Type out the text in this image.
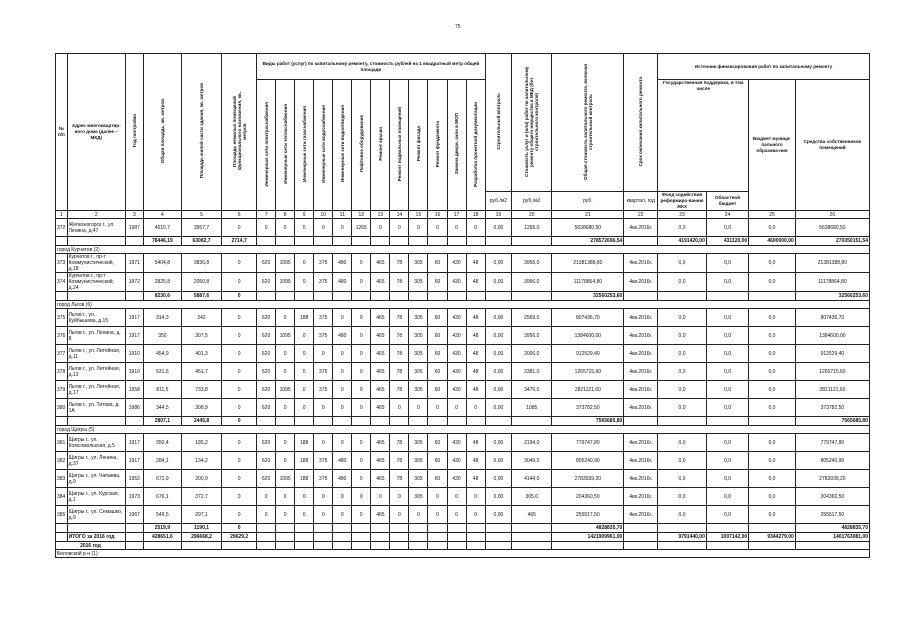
75
№ п/п	Адрес многоквартир-ного дома (далее – МКД)	Год постройки	Общая площадь, кв. метров	Площадь жилой части здания, кв. метров	Площадь нежилых помещений функционального назначения, кв. метров	Виды работ (услуг) по капитальному ремонту, стоимость рублей на 1 квадратный метр общей площади												Строительный контроль	Стоимость услуг и (или) работ по капитальному ремонту общего имущества в МКД (без строительного контроля)	Общая стоимость капитального ремонта, включая строительный контроль	Срок окончания капитального ремонта	Источник финансирования работ по капитальному ремонту			
						Инженерные сети электроснабжения	Инженерные сети теплоснабжения	Инженерные сети газоснабжения	Инженерные сети водоснабжения	Инженерные сети водоотведения	Лифтовое оборудование	Ремонт крыши	Ремонт подвальных помещений	Ремонт фасада	Ремонт фундамента	Замена двери, окон в МОП	Разработка проектной документации					Государственная поддержка, в том числе		Бюджет муници-пального образова-ния	Средства собственников помещений
																		руб./м2	руб./м2	руб.	квартал, год	Фонд содействия реформиро-ванию ЖКХ	Областной бюджет		
1	2	3	4	5	6	7	8	9	10	11	12	13	14	15	16	17	18	19	20	21	22	23	24	25	26
372	Железногорск г., ул. Ленина, д.47	1987	4515,7	3957,7	0	0	0	0	0	0	1265	0	0	0	0	0	0	0,00	1265,0	5638680,50	4кв.2016г.	0,0	0,0	0,0	5638680,50
			78446,19	63082,7	2714,7															278572696,54		4191420,00	431120,00	4600000,00	270350151,54
город Курчатов (2)																									
373	Курчатов г., пр-т Коммунистический, д.18	1971	5404,8	3836,8	0	620	1095	0	375	480	0	465	78	305	60	430	48	0,00	3956,0	21381388,80	4кв.2016г.	0,0	0,0	0,0	21381388,80
374	Курчатов г., пр-т Коммунистический, д.24	1972	2825,8	2050,8	0	620	1095	0	375	480	0	465	78	305	60	430	48	0,00	3956,0	11178864,80	4кв.2016г.	0,0	0,0	0,0	11178864,80
			8230,6	5887,6	0															32560253,60					32560253,60
город Льгов (6)																									
375	Льгов г., ул. Куйбышева, д.15	1917	314,3	242	0	620	0	188	375	0	0	465	78	305	60	430	48	0,00	2569,0	807436,70	4кв.2016г.	0,0	0,0	0,0	807436,70
376	Льгов г., ул. Ленина, д. 8	1917	350	307,5	0	620	1095	0	375	480	0	465	78	305	60	430	48	0,00	3956,0	1384600,00	4кв.2016г.	0,0	0,0	0,0	1384600,00
377	Льгов г., ул. Литейная, д.11	1910	454,9	401,3	0	620	0	0	0	0	0	465	78	305	60	430	48	0,00	2006,0	912529,40	4кв.2016г.	0,0	0,0	0,0	912529,40
378	Льгов г., ул. Литейная, д.13	1910	531,6	451,7	0	620	0	0	375	0	0	465	78	305	60	430	48	0,00	2381,0	1265715,60	4кв.2016г.	0,0	0,0	0,0	1265715,60
379	Льгов г., ул. Литейная, д.17	1958	811,5	733,8	0	620	1095	0	375	0	0	465	78	305	60	430	48	0,00	3476,0	2821121,60	4кв.2016г.	0,0	0,0	0,0	2821121,60
380	Льгов г., ул. Титова, д. 1А	1986	344,5	308,9	0	620	0	0	0	0	0	465	0	0	0	0	0	0,00	1085	373782,50	4кв.2016г.	0,0	0,0	0,0	373782,50
			2807,1	2445,8	0															7565685,80					7565685,80
город Щигры (5)																									
381	Щигры г., ул. Комсомольская, д.5	1917	350,4	185,2	0	620	0	188	0	0	0	465	78	305	60	430	48	0,00	2194,0	779747,80	4кв.2016г.	0,0	0,0	0,0	779747,80
382	Щигры г., ул. Ленина, д.37	1917	284,1	134,2	0	620	0	188	375	480	0	465	78	305	60	430	48	0,00	3049,0	805240,90	4кв.2016г.	0,0	0,0	0,0	805240,90
383	Щигры г., ул. Чапаева, д.9	1952	671,9	200,9	0	620	1095	188	375	480	0	465	78	305	60	430	48	0,00	4144,0	2783939,20	4кв.2016г.	0,0	0,0	0,0	2783939,20
384	Щигры г., ул. Курская, д.1	1973	676,1	372,7	0	0	0	0	0	0	0	0	0	305	0	0	0	0,00	305,0	204360,50	4кв.2016г.	0,0	0,0	0,0	204360,50
385	Щигры г., ул. Семашко, д.9	1967	549,5	297,1	0	0	0	0	0	0	0	465	0	0	0	0	0	0,00	465	255517,50	4кв.2016г.	0,0	0,0	0,0	255517,50
			2519,9	1190,1	0															4828835,70					4828835,70
	ИТОГО за 2016 год		428651,6	296668,2	29629,2															1421909961,00		9791440,00	1007142,00	9344279,00	1401763081,00
2016 год																									
Беловский р-н (1)																									
